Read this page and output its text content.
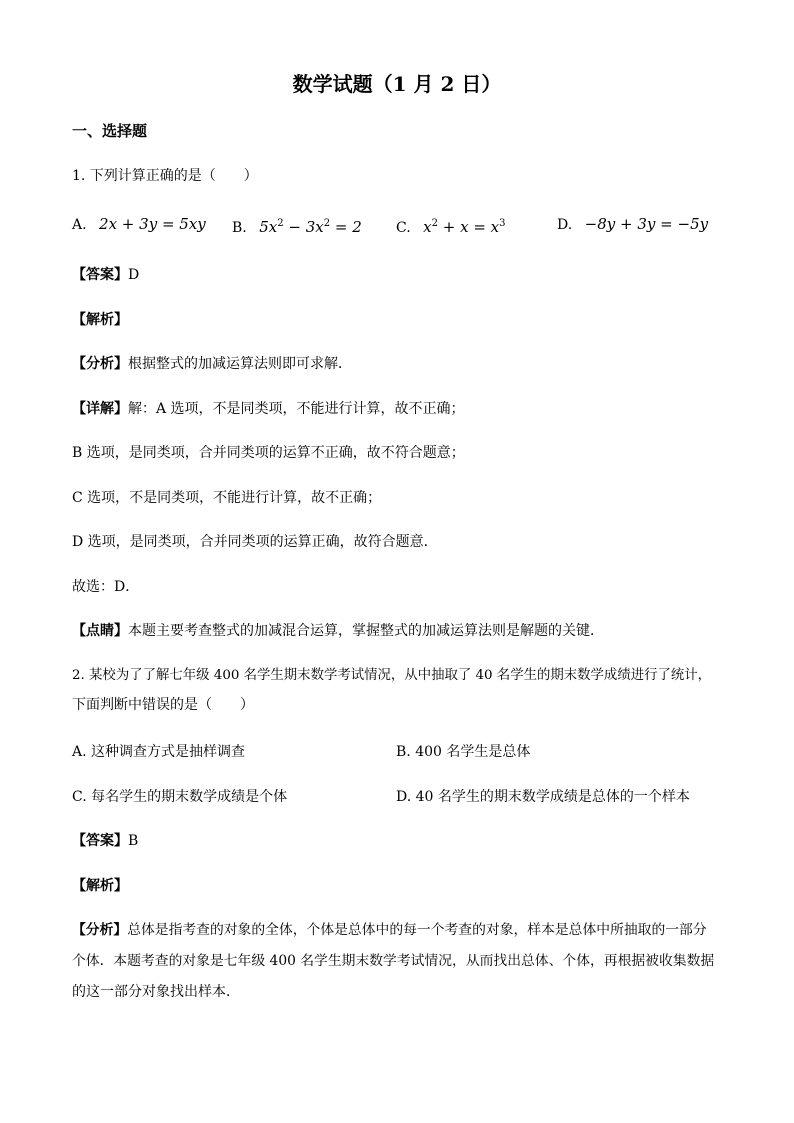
数学试题（1 月 2 日）
一、选择题
1. 下列计算正确的是（　　）
A. 2x + 3y = 5xy B. $5x^2 - 3x^2 = 2$ C. $x^2 + x = x^3$	D. −8y + 3y = −5y
【答案】D
【解析】
【分析】根据整式的加减运算法则即可求解．
【详解】解：A 选项，不是同类项，不能进行计算，故不正确；
B 选项，是同类项，合并同类项的运算不正确，故不符合题意；
C 选项，不是同类项，不能进行计算，故不正确；
D 选项，是同类项，合并同类项的运算正确，故符合题意．
故选：D．
【点睛】本题主要考查整式的加减混合运算，掌握整式的加减运算法则是解题的关键．
2. 某校为了了解七年级 400 名学生期末数学考试情况，从中抽取了 40 名学生的期末数学成绩进行了统计，
下面判断中错误的是（　　）
A. 这种调查方式是抽样调查	B. 400 名学生是总体
C. 每名学生的期末数学成绩是个体	D. 40 名学生的期末数学成绩是总体的一个样本
【答案】B
【解析】
【分析】总体是指考查的对象的全体，个体是总体中的每一个考查的对象，样本是总体中所抽取的一部分
个体．本题考查的对象是七年级 400 名学生期末数学考试情况，从而找出总体、个体，再根据被收集数据
的这一部分对象找出样本．
